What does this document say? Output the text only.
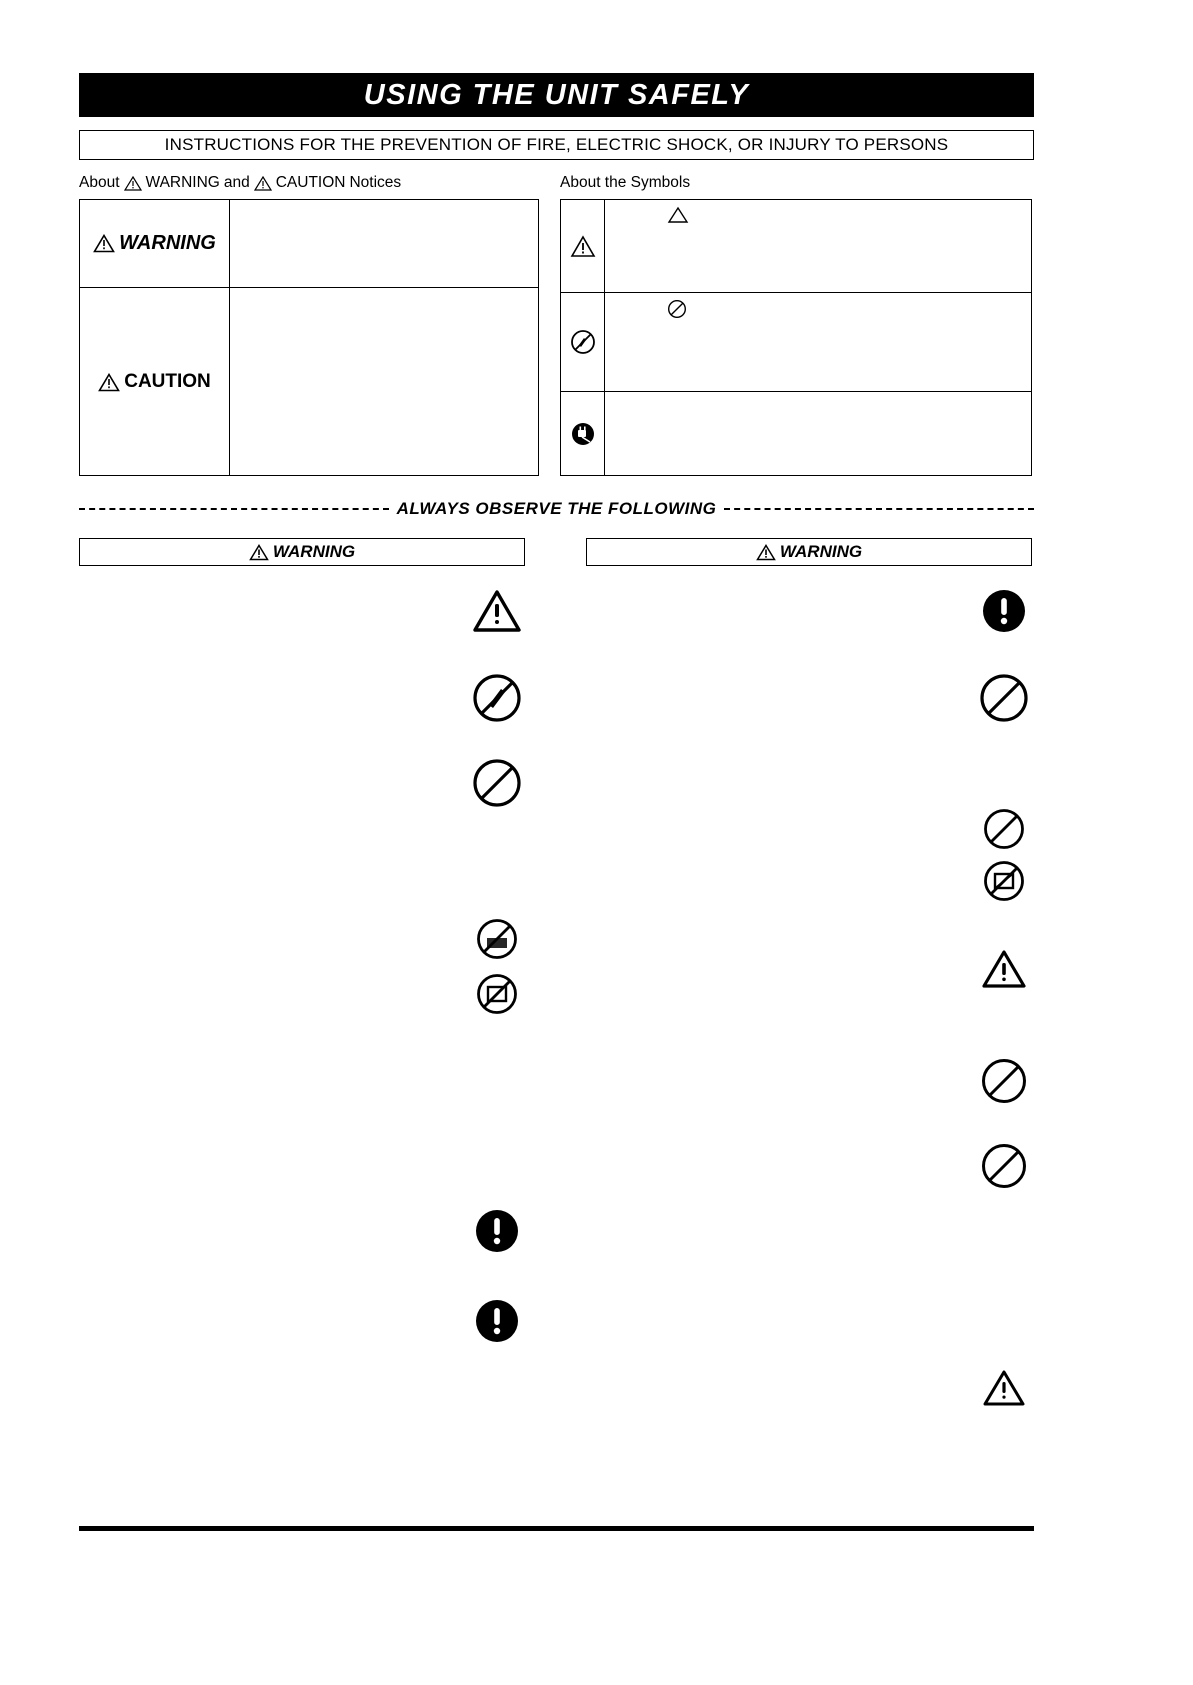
USING THE UNIT SAFELY
INSTRUCTIONS FOR THE PREVENTION OF FIRE, ELECTRIC SHOCK, OR INJURY TO PERSONS
About WARNING and CAUTION Notices	About the Symbols
WARNING
Used for instructions intended to alert the user to the risk of death or severe injury should the unit be used improperly.
CAUTION
Used for instructions intended to alert the user to the risk of injury or material damage should the unit be used improperly. * Material damage refers to damage or other adverse effects caused with respect to the home and all its furnishings, as well to domestic animals or pets.
The symbol alerts the user to important instructions or warnings. The specific meaning of the symbol is determined by the design contained within the triangle. In the case of the symbol at left, it is used for general cautions, warnings, or alerts to danger.
The symbol alerts the user to items that must never be carried out (are forbidden). The specific thing that must not be done is indicated by the design contained within the circle. In the case of the symbol at left, it means that the unit must never be disassembled.
The ● symbol alerts the user to things that must be carried out. The specific thing that must be done is indicated by the design contained within the circle. In the case of the symbol at left, it means that the power-cord plug must be unplugged from the outlet.
ALWAYS OBSERVE THE FOLLOWING
WARNING	WARNING
Before using this unit, make sure to read the instructions below, and the Owner's Manual.
Do not open or perform any internal modifications on the unit.
Do not attempt to repair the unit, or replace parts within it. Refer all servicing to your retailer, the nearest Roland Service Center, or an authorized Roland distributor.
Never use or store the unit in places that are: subject to temperature extremes; damp; or exposed to rain.
Do not place the unit in an unstable location.
Make sure you always have the unit placed so it is level and sure to remain stable.
Use only the specified AC adaptor, and make sure the line voltage at the installation matches the input voltage specified on the adaptor's body.
Use only the attached power-supply cord. Also, the supplied power cord must not be used with any other device.
Do not excessively twist or bend the power cord, nor place heavy objects on it. Doing so can damage the cord, producing severed elements and short circuits.
This unit, either alone or in combination with an amplifier and headphones or speakers, may be capable of producing sound levels that could cause permanent hearing loss.
Do not allow any objects or liquids of any kind to penetrate the unit.
Immediately turn the power off, remove the AC adaptor from the outlet, and request servicing by your retailer, the nearest Roland Service Center, or an authorized Roland distributor.
In households with small children, an adult should provide supervision until the child is capable of following all rules essential for the safe operation of the unit.
Protect the unit from strong impact. (Do not drop it!)
Before using the unit in a foreign country, consult with your retailer, the nearest Roland Service Center, or an authorized Roland distributor.
